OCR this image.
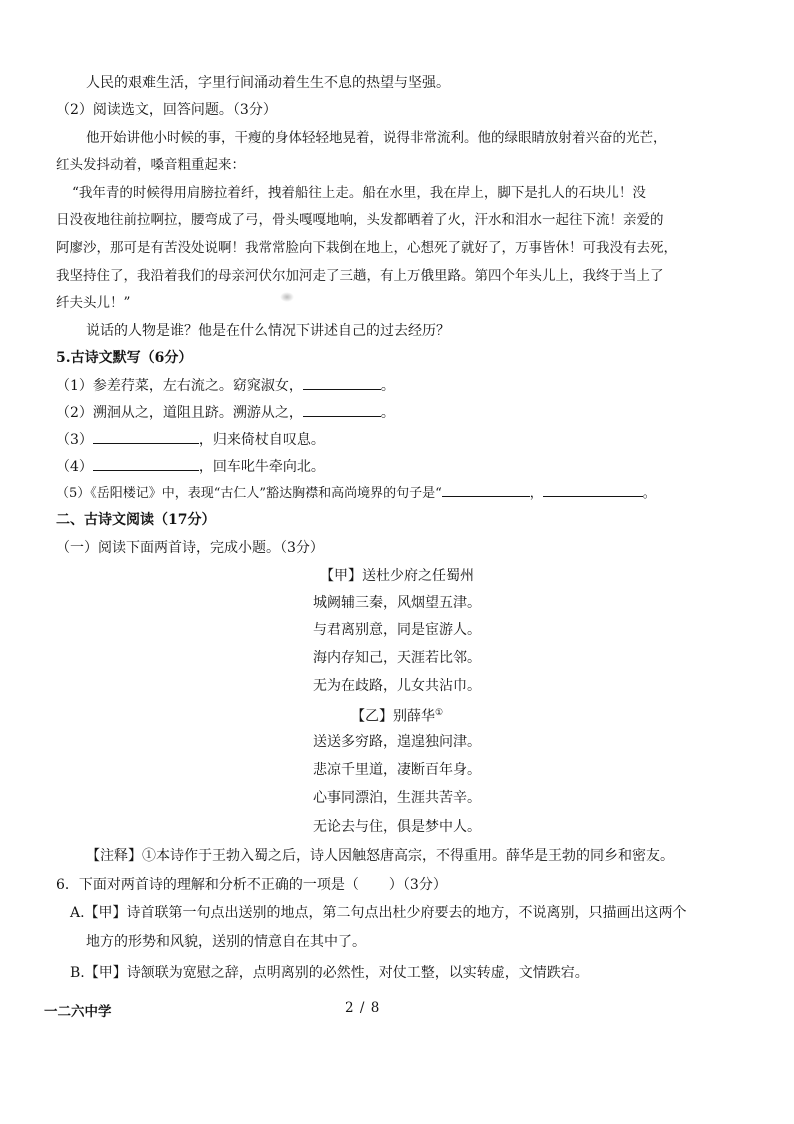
人民的艰难生活，字里行间涌动着生生不息的热望与坚强。
（2）阅读选文，回答问题。（3分）
他开始讲他小时候的事，干瘦的身体轻轻地晃着，说得非常流利。他的绿眼睛放射着兴奋的光芒，
红头发抖动着，嗓音粗重起来：
“我年青的时候得用肩膀拉着纤，拽着船往上走。船在水里，我在岸上，脚下是扎人的石块儿！没
日没夜地往前拉啊拉，腰弯成了弓，骨头嘎嘎地响，头发都晒着了火，汗水和泪水一起往下流！亲爱的
阿廖沙，那可是有苦没处说啊！我常常脸向下栽倒在地上，心想死了就好了，万事皆休！可我没有去死，
我坚持住了，我沿着我们的母亲河伏尔加河走了三趟，有上万俄里路。第四个年头儿上，我终于当上了
纤夫头儿！”
说话的人物是谁？他是在什么情况下讲述自己的过去经历？
5.古诗文默写（6分）
（1）参差荇菜，左右流之。窈窕淑女，	。
（2）溯洄从之，道阻且跻。溯游从之，	。
（3）	，归来倚杖自叹息。
（4）	，回车叱牛牵向北。
（5）《岳阳楼记》中，表现“古仁人”豁达胸襟和高尚境界的句子是“	，	。
二、古诗文阅读（17分）
（一）阅读下面两首诗，完成小题。（3分）
【甲】送杜少府之任蜀州
城阙辅三秦，风烟望五津。
与君离别意，同是宦游人。
海内存知己，天涯若比邻。
无为在歧路，儿女共沾巾。
【乙】别薛华①
送送多穷路，遑遑独问津。
悲凉千里道，凄断百年身。
心事同漂泊，生涯共苦辛。
无论去与住，俱是梦中人。
【注释】①本诗作于王勃入蜀之后，诗人因触怒唐高宗，不得重用。薛华是王勃的同乡和密友。
6．下面对两首诗的理解和分析不正确的一项是（ ）（3分）
A.【甲】诗首联第一句点出送别的地点，第二句点出杜少府要去的地方，不说离别，只描画出这两个
地方的形势和风貌，送别的情意自在其中了。
B.【甲】诗颔联为宽慰之辞，点明离别的必然性，对仗工整，以实转虚，文情跌宕。
一二六中学	2 / 8
